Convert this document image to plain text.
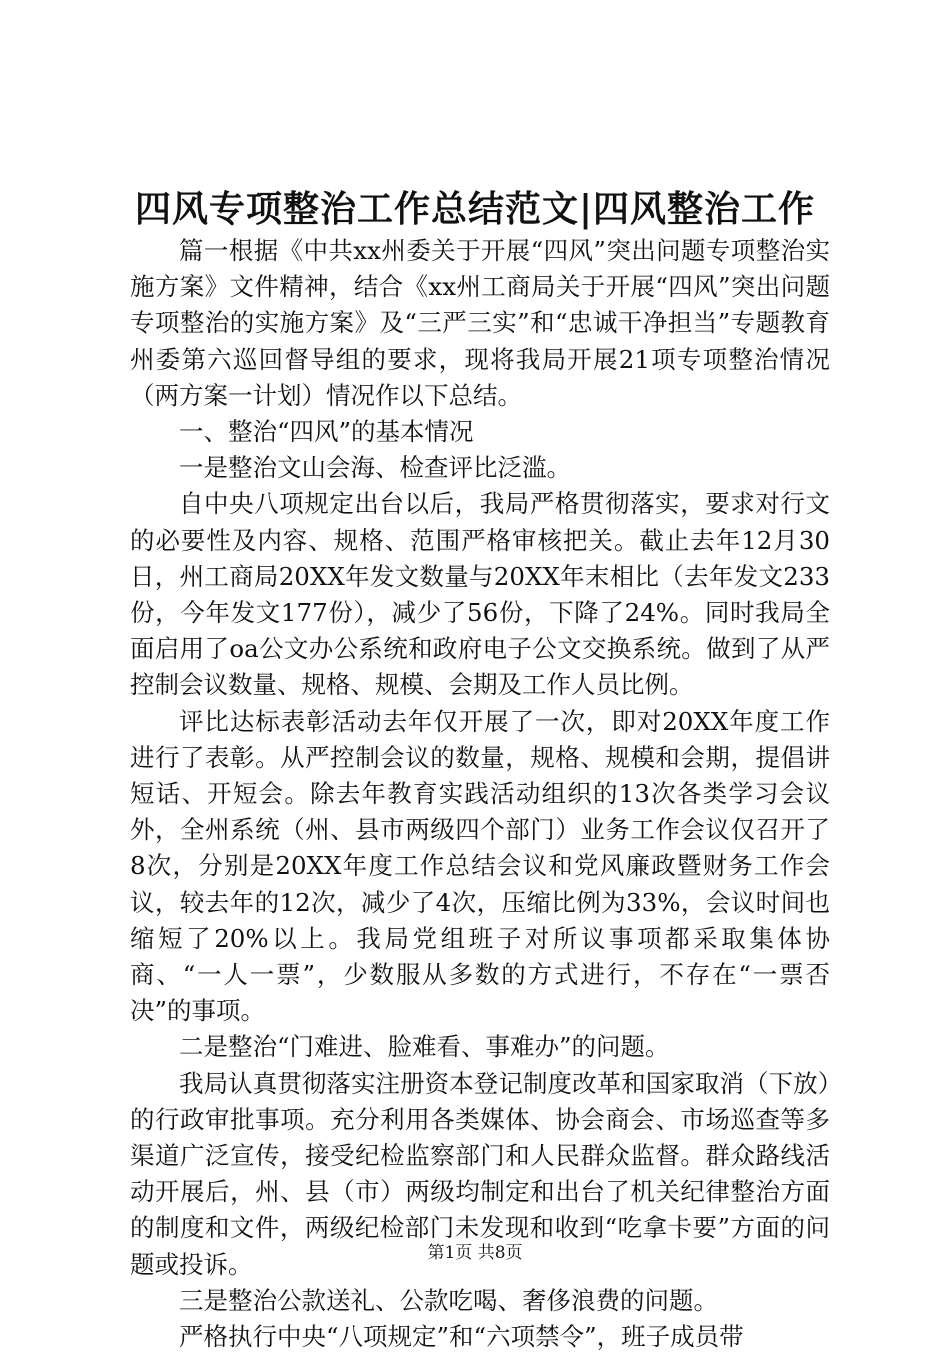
四风专项整治工作总结范文|四风整治工作

篇一根据《中共xx州委关于开展“四风”突出问题专项整治实施方案》文件精神，结合《xx州工商局关于开展“四风”突出问题专项整治的实施方案》及“三严三实”和“忠诚干净担当”专题教育州委第六巡回督导组的要求，现将我局开展21项专项整治情况（两方案一计划）情况作以下总结。

一、整治“四风”的基本情况

一是整治文山会海、检查评比泛滥。

自中央八项规定出台以后，我局严格贯彻落实，要求对行文的必要性及内容、规格、范围严格审核把关。截止去年12月30日，州工商局20XX年发文数量与20XX年末相比（去年发文233份，今年发文177份），减少了56份，下降了24%。同时我局全面启用了oa公文办公系统和政府电子公文交换系统。做到了从严控制会议数量、规格、规模、会期及工作人员比例。

评比达标表彰活动去年仅开展了一次，即对20XX年度工作进行了表彰。从严控制会议的数量，规格、规模和会期，提倡讲短话、开短会。除去年教育实践活动组织的13次各类学习会议外，全州系统（州、县市两级四个部门）业务工作会议仅召开了8次，分别是20XX年度工作总结会议和党风廉政暨财务工作会议，较去年的12次，减少了4次，压缩比例为33%，会议时间也缩短了20%以上。我局党组班子对所议事项都采取集体协商、“一人一票”，少数服从多数的方式进行，不存在“一票否决”的事项。

二是整治“门难进、脸难看、事难办”的问题。

我局认真贯彻落实注册资本登记制度改革和国家取消（下放）的行政审批事项。充分利用各类媒体、协会商会、市场巡查等多渠道广泛宣传，接受纪检监察部门和人民群众监督。群众路线活动开展后，州、县（市）两级均制定和出台了机关纪律整治方面的制度和文件，两级纪检部门未发现和收到“吃拿卡要”方面的问题或投诉。

三是整治公款送礼、公款吃喝、奢侈浪费的问题。

严格执行中央“八项规定”和“六项禁令”，班子成员带

第1页 共8页
